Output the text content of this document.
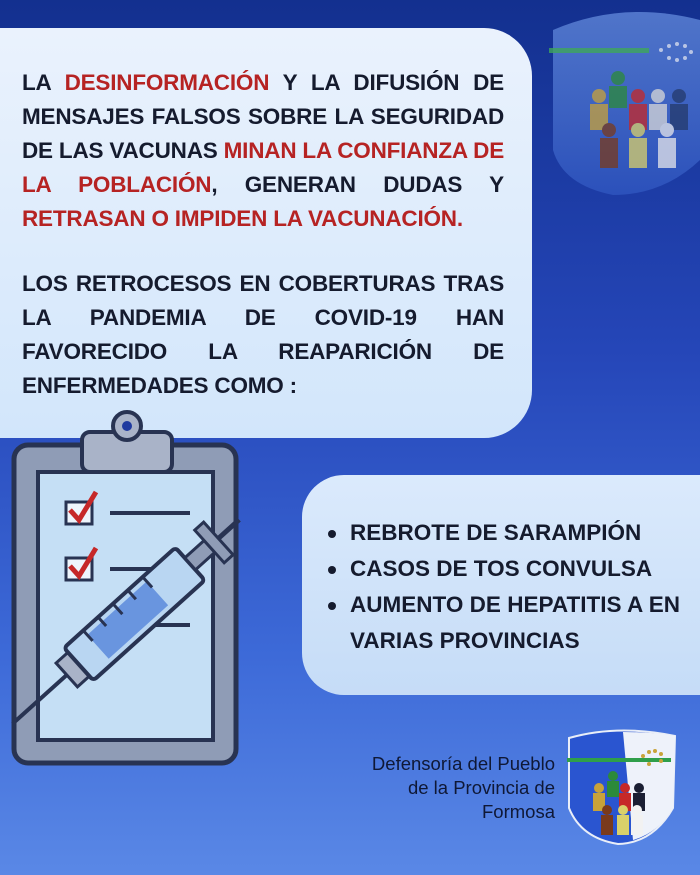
LA DESINFORMACIÓN Y LA DIFUSIÓN DE MENSAJES FALSOS SOBRE LA SEGURIDAD DE LAS VACUNAS MINAN LA CONFIANZA DE LA POBLACIÓN, GENERAN DUDAS Y RETRASAN O IMPIDEN LA VACUNACIÓN.

LOS RETROCESOS EN COBERTURAS TRAS LA PANDEMIA DE COVID-19 HAN FAVORECIDO LA REAPARICIÓN DE ENFERMEDADES COMO :

REBROTE DE SARAMPIÓN
CASOS DE TOS CONVULSA
AUMENTO DE HEPATITIS A EN VARIAS PROVINCIAS
Defensoría del Pueblo
de la Provincia de
Formosa
